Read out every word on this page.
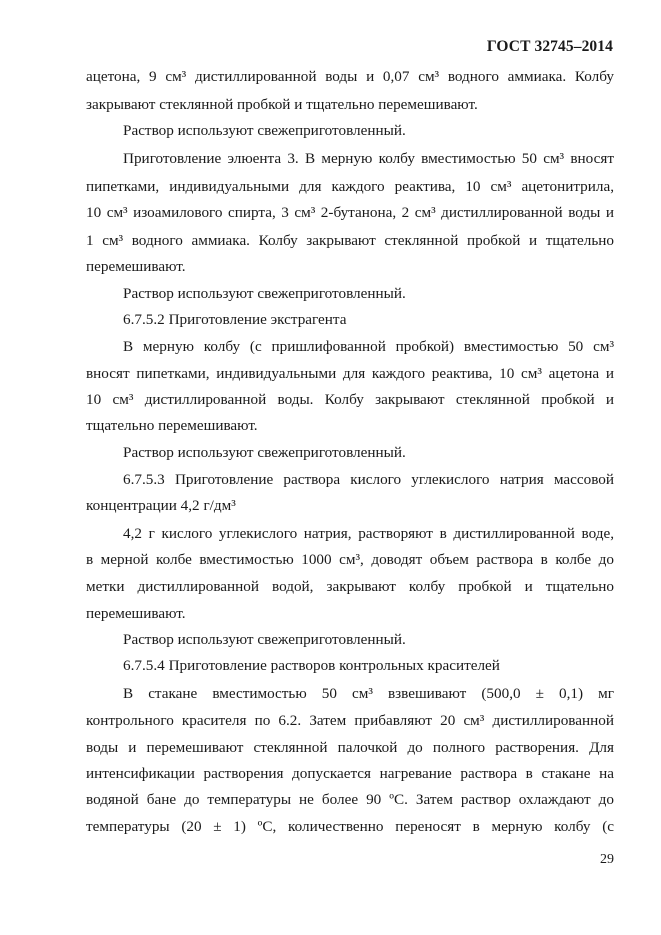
ГОСТ 32745–2014
ацетона, 9 см³ дистиллированной воды и 0,07 см³ водного аммиака. Колбу
закрывают стеклянной пробкой и тщательно перемешивают.
Раствор используют свежеприготовленный.
Приготовление элюента 3. В мерную колбу вместимостью 50 см³ вносят
пипетками, индивидуальными для каждого реактива, 10 см³ ацетонитрила,
10 см³ изоамилового спирта, 3 см³ 2-бутанона, 2 см³ дистиллированной воды и
1 см³ водного аммиака. Колбу закрывают стеклянной пробкой и тщательно
перемешивают.
Раствор используют свежеприготовленный.
6.7.5.2 Приготовление экстрагента
В мерную колбу (с пришлифованной пробкой) вместимостью 50 см³
вносят пипетками, индивидуальными для каждого реактива, 10 см³ ацетона и
10 см³ дистиллированной воды. Колбу закрывают стеклянной пробкой и
тщательно перемешивают.
Раствор используют свежеприготовленный.
6.7.5.3 Приготовление раствора кислого углекислого натрия массовой
концентрации 4,2 г/дм³
4,2 г кислого углекислого натрия, растворяют в дистиллированной воде,
в мерной колбе вместимостью 1000 см³, доводят объем раствора в колбе до
метки дистиллированной водой, закрывают колбу пробкой и тщательно
перемешивают.
Раствор используют свежеприготовленный.
6.7.5.4 Приготовление растворов контрольных красителей
В стакане вместимостью 50 см³ взвешивают (500,0 ± 0,1) мг
контрольного красителя по 6.2. Затем прибавляют 20 см³ дистиллированной
воды и перемешивают стеклянной палочкой до полного растворения. Для
интенсификации растворения допускается нагревание раствора в стакане на
водяной бане до температуры не более 90 ºС. Затем раствор охлаждают до
температуры (20 ± 1) ºС, количественно переносят в мерную колбу (с
29
